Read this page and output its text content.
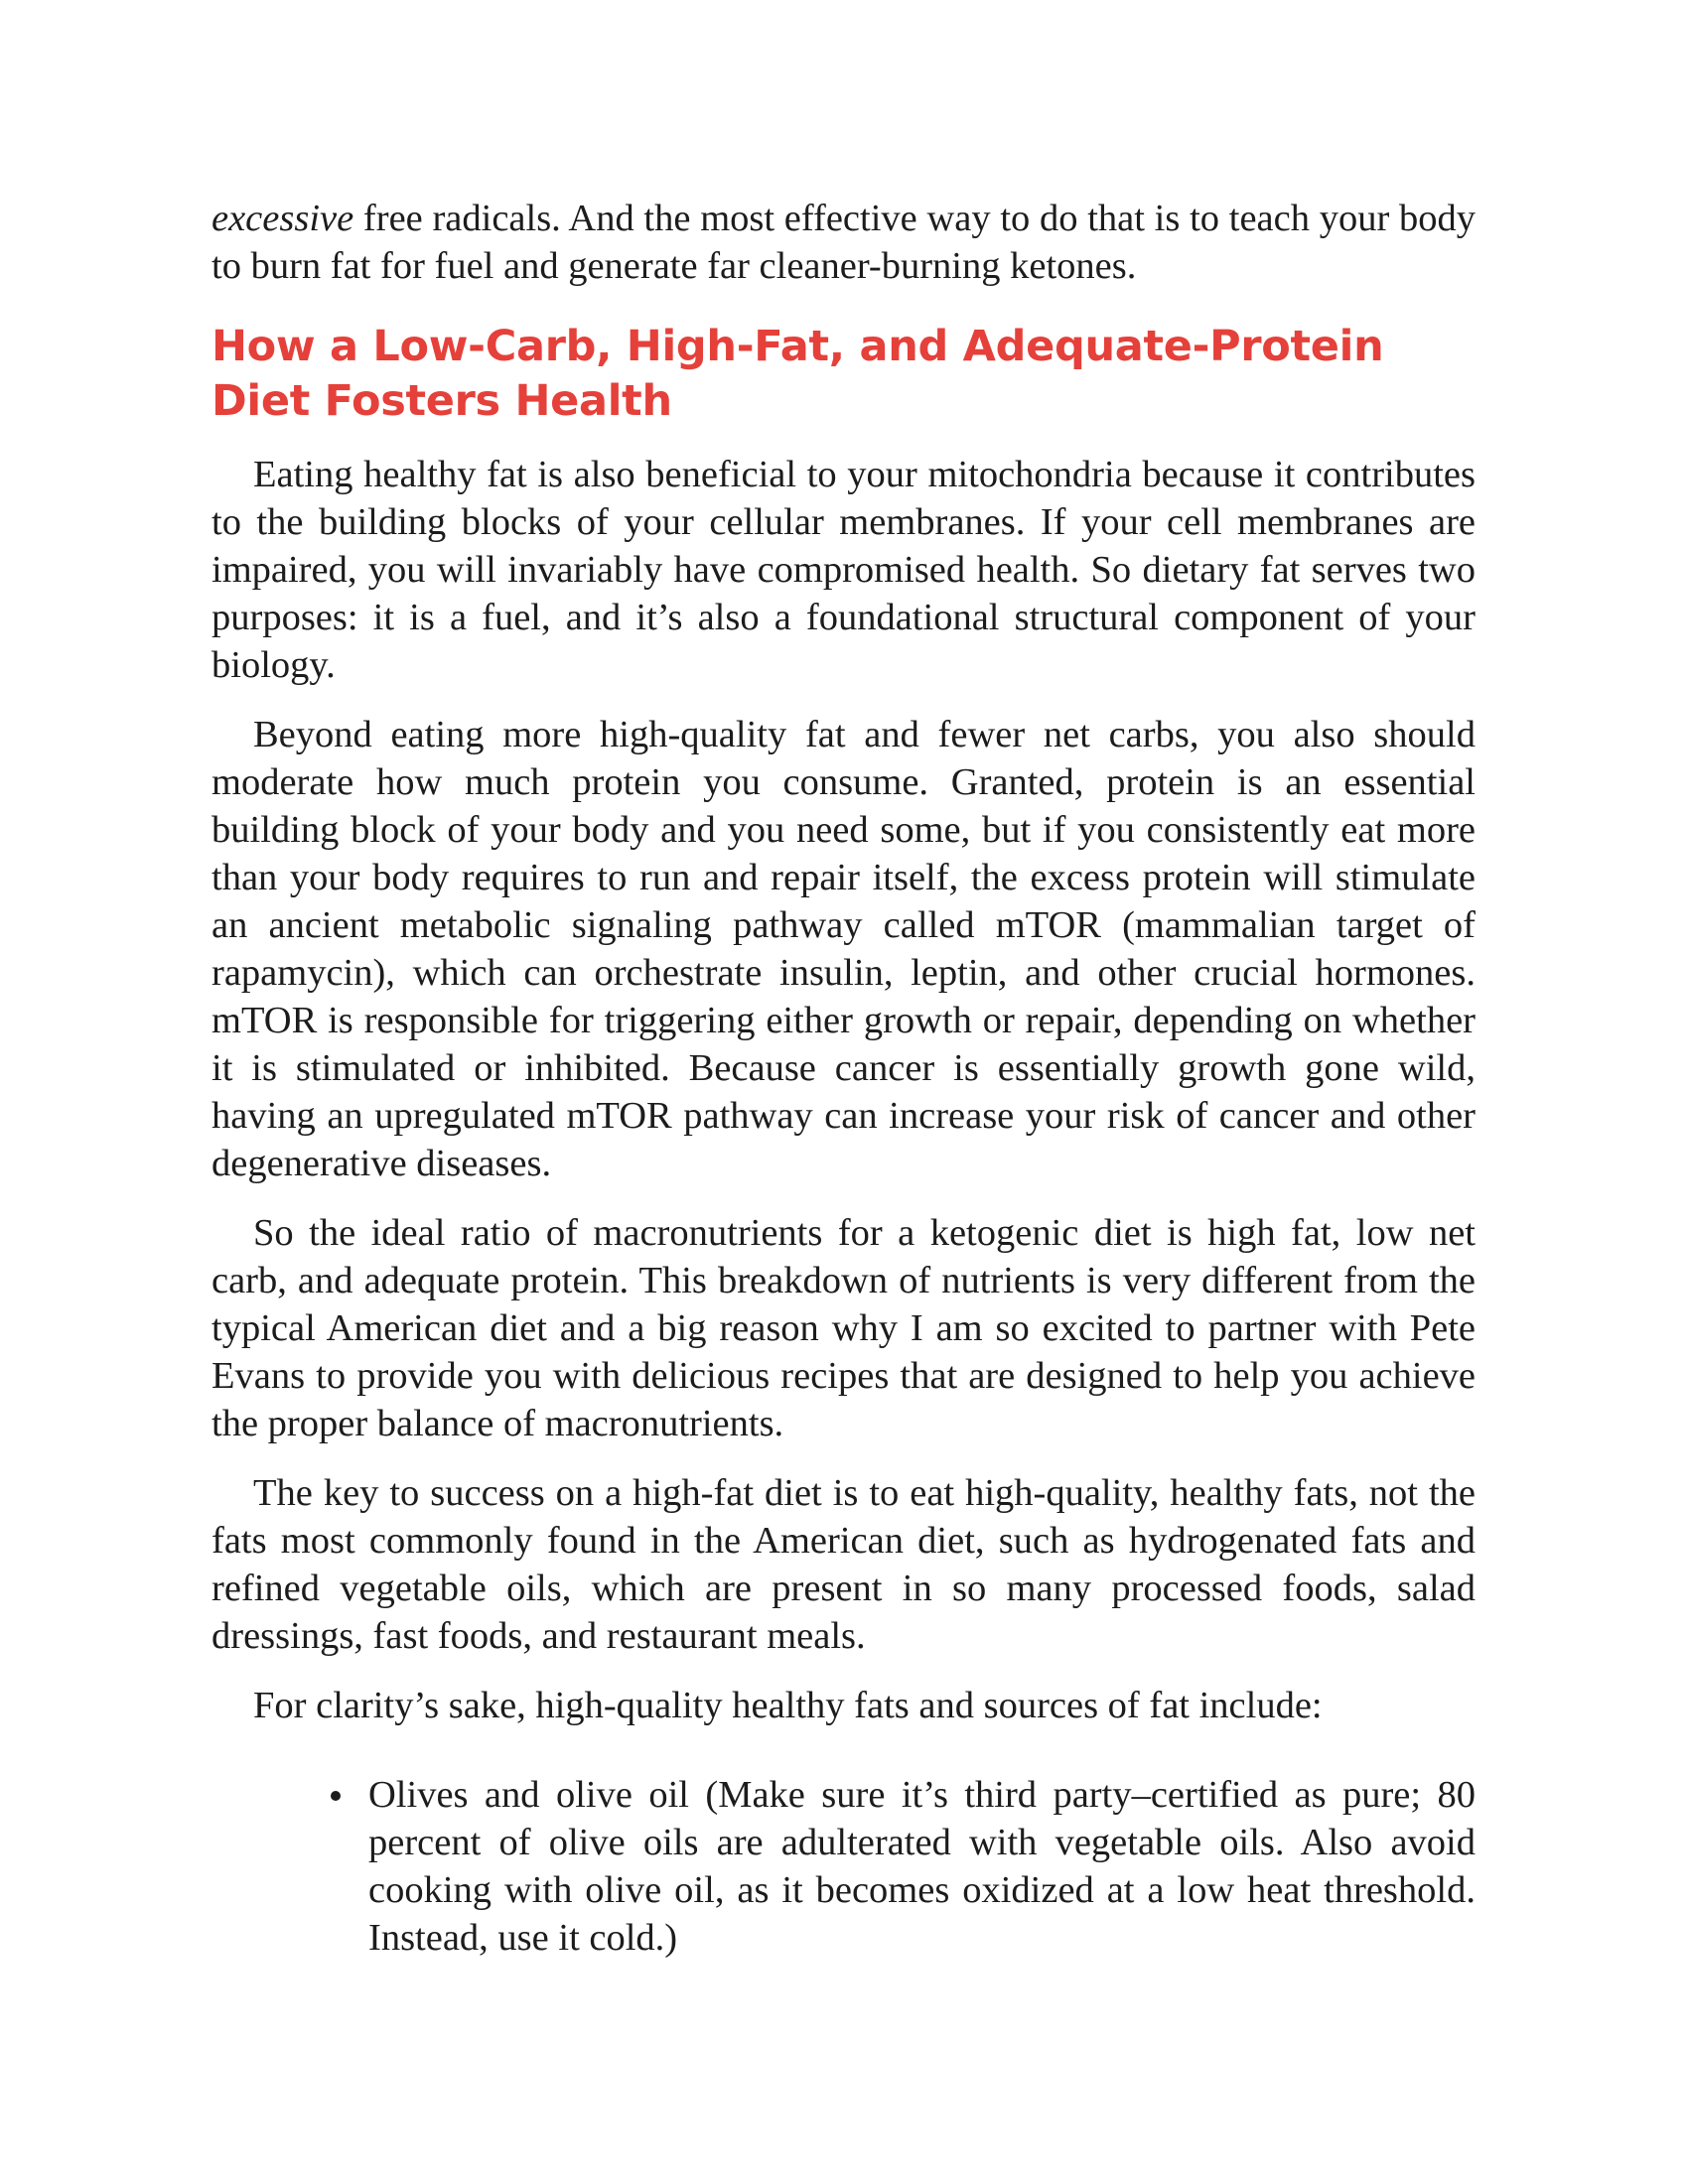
excessive free radicals. And the most effective way to do that is to teach your body to burn fat for fuel and generate far cleaner-burning ketones.

How a Low-Carb, High-Fat, and Adequate-Protein Diet Fosters Health

Eating healthy fat is also beneficial to your mitochondria because it contributes to the building blocks of your cellular membranes. If your cell membranes are impaired, you will invariably have compromised health. So dietary fat serves two purposes: it is a fuel, and it’s also a foundational structural component of your biology.

Beyond eating more high-quality fat and fewer net carbs, you also should moderate how much protein you consume. Granted, protein is an essential building block of your body and you need some, but if you consistently eat more than your body requires to run and repair itself, the excess protein will stimulate an ancient metabolic signaling pathway called mTOR (mammalian target of rapamycin), which can orchestrate insulin, leptin, and other crucial hormones. mTOR is responsible for triggering either growth or repair, depending on whether it is stimulated or inhibited. Because cancer is essentially growth gone wild, having an upregulated mTOR pathway can increase your risk of cancer and other degenerative diseases.

So the ideal ratio of macronutrients for a ketogenic diet is high fat, low net carb, and adequate protein. This breakdown of nutrients is very different from the typical American diet and a big reason why I am so excited to partner with Pete Evans to provide you with delicious recipes that are designed to help you achieve the proper balance of macronutrients.

The key to success on a high-fat diet is to eat high-quality, healthy fats, not the fats most commonly found in the American diet, such as hydrogenated fats and refined vegetable oils, which are present in so many processed foods, salad dressings, fast foods, and restaurant meals.

For clarity’s sake, high-quality healthy fats and sources of fat include:

Olives and olive oil (Make sure it’s third party–certified as pure; 80 percent of olive oils are adulterated with vegetable oils. Also avoid cooking with olive oil, as it becomes oxidized at a low heat threshold. Instead, use it cold.)
